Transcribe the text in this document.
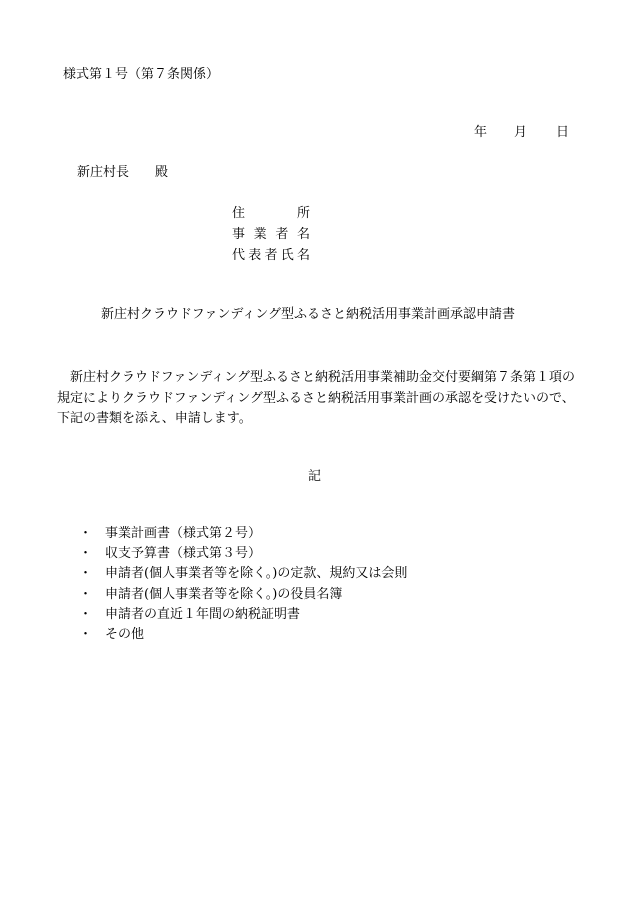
様式第１号（第７条関係）
年 月 日
新庄村長 殿
住　所
事業者名
代表者氏名
新庄村クラウドファンディング型ふるさと納税活用事業計画承認申請書
新庄村クラウドファンディング型ふるさと納税活用事業補助金交付要綱第７条第１項の規定によりクラウドファンディング型ふるさと納税活用事業計画の承認を受けたいので、下記の書類を添え、申請します。
記
・ 事業計画書（様式第２号）
・ 収支予算書（様式第３号）
・ 申請者(個人事業者等を除く。)の定款、規約又は会則
・ 申請者(個人事業者等を除く。)の役員名簿
・ 申請者の直近１年間の納税証明書
・ その他
